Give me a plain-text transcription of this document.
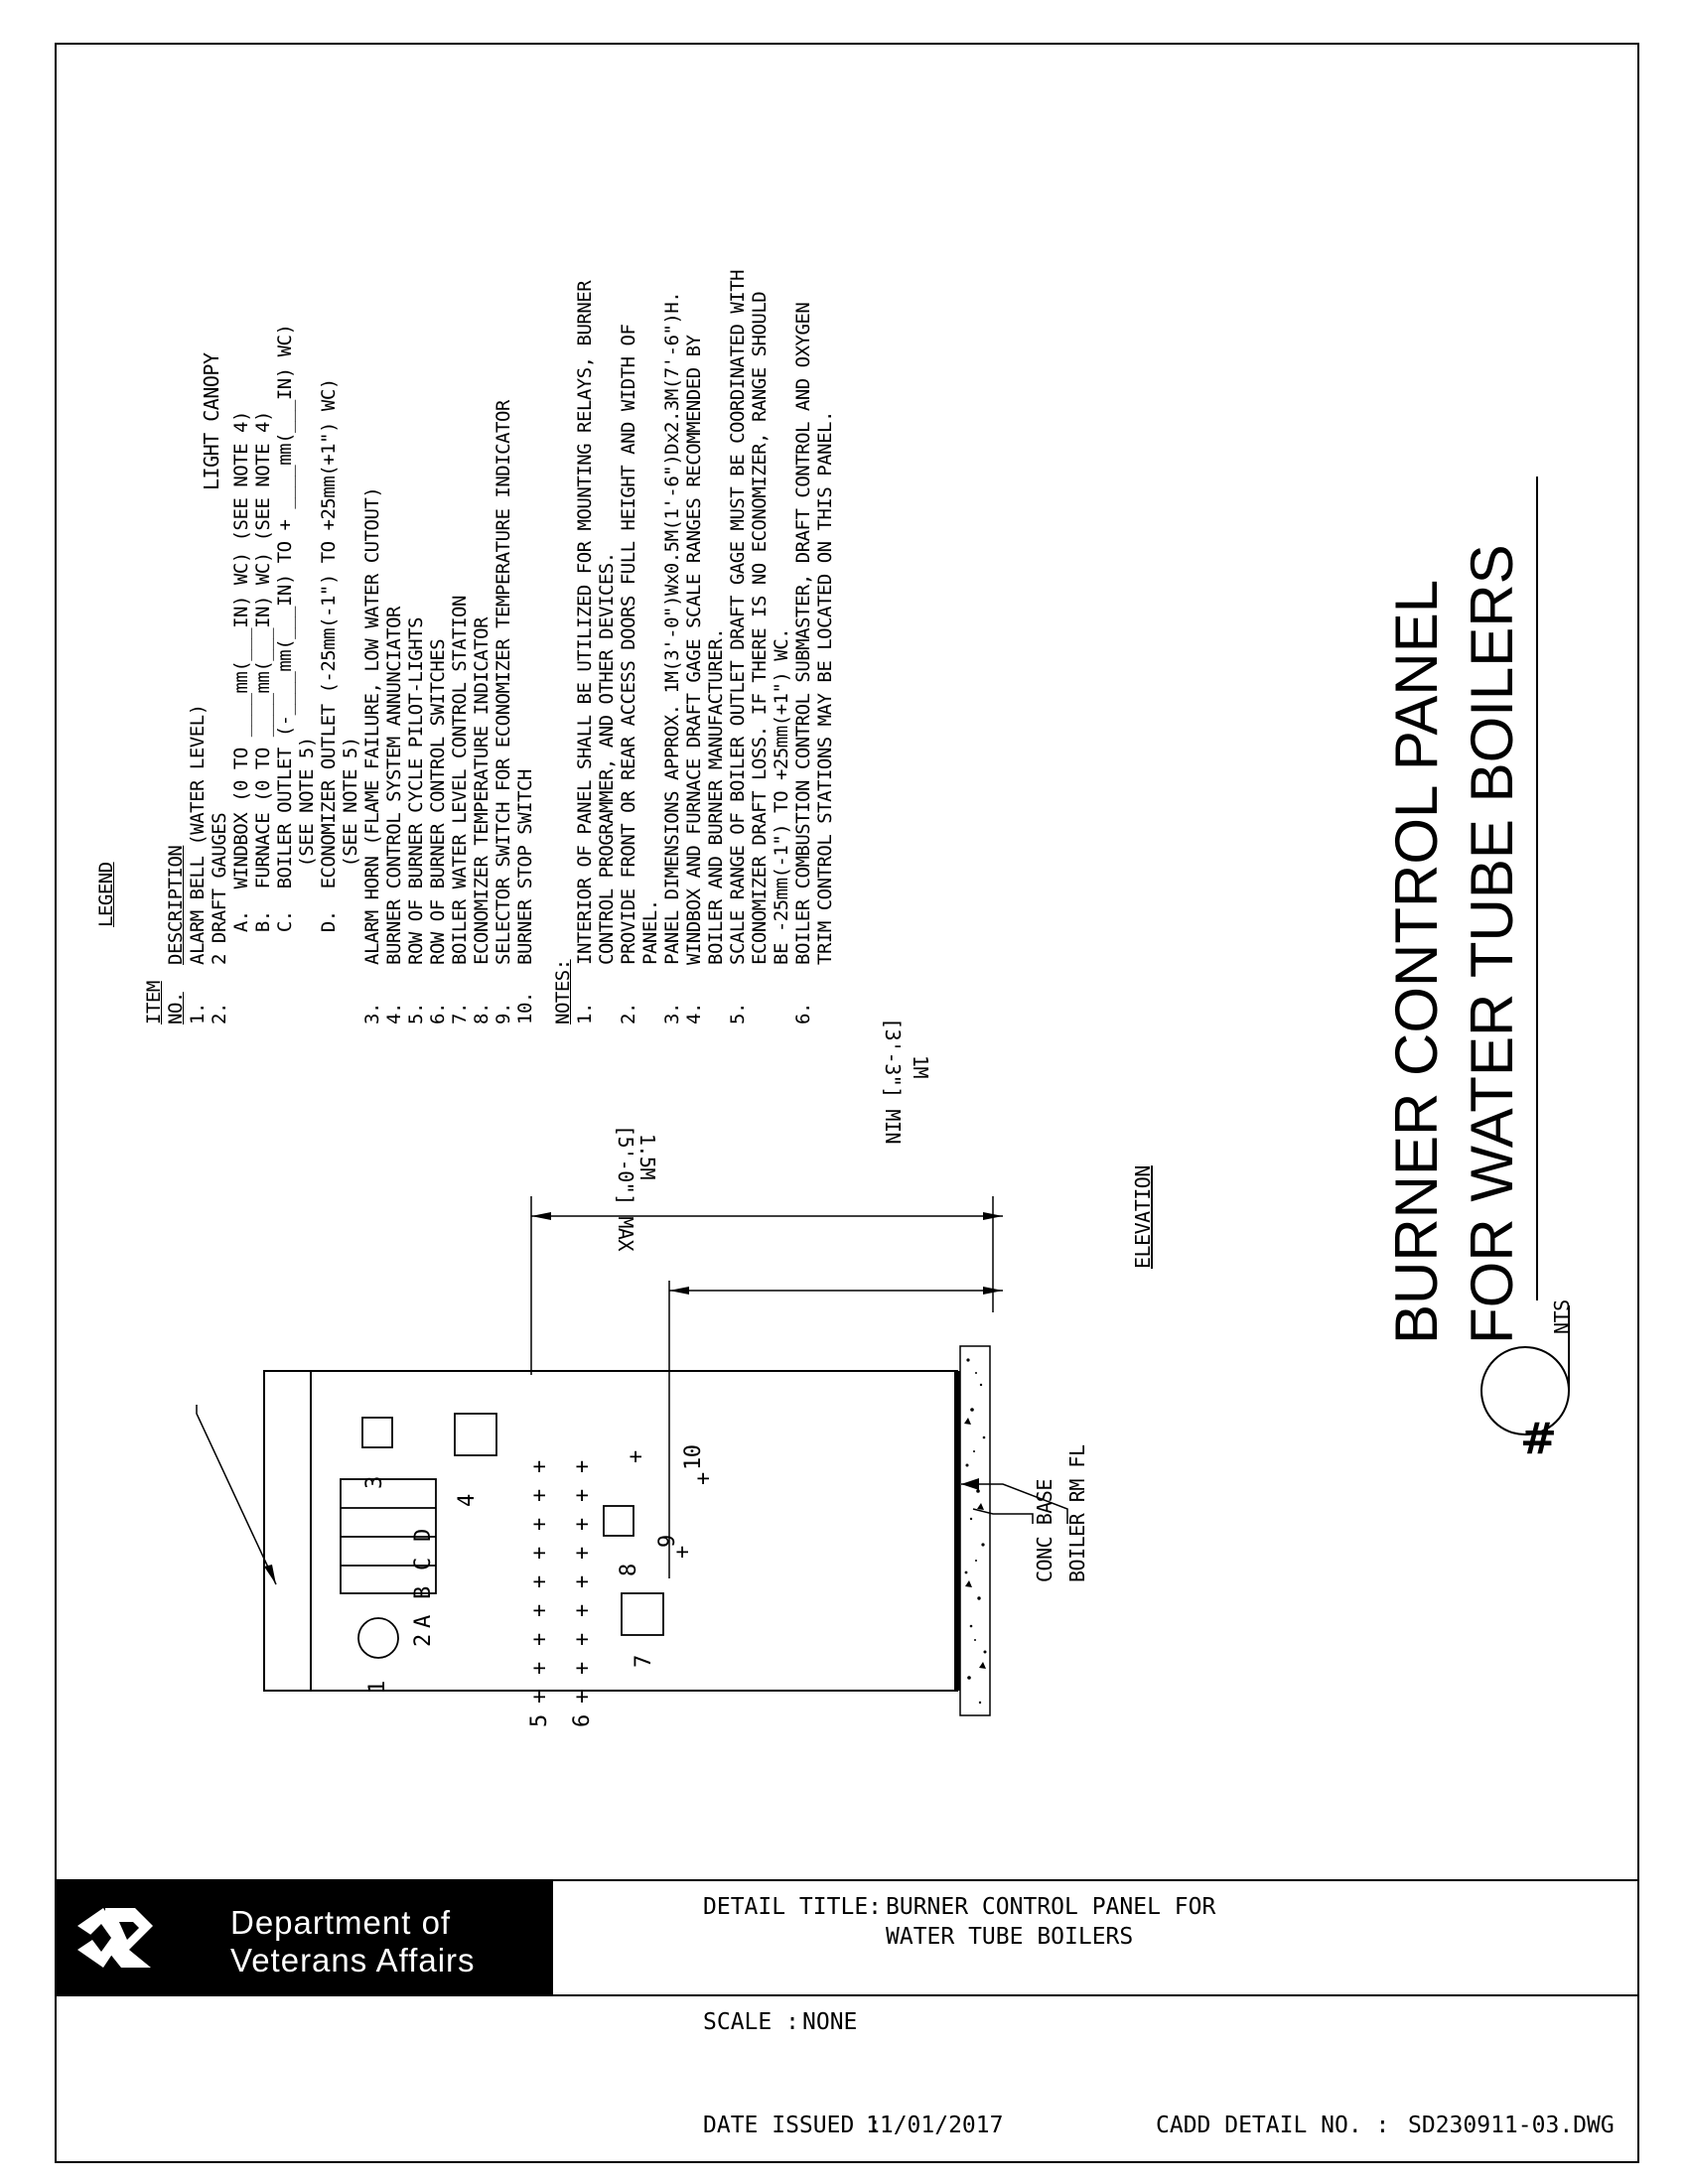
LEGEND
ITEM NO.
DESCRIPTION
1.
ALARM BELL (WATER LEVEL)
2.
2 DRAFT GAUGES A.  WINDBOX (0 TO ____mm(___IN) WC) (SEE NOTE 4) B.  FURNACE (0 TO ____mm(___IN) WC) (SEE NOTE 4) C.  BOILER OUTLET (-____mm(___IN) TO + ____mm(___IN) WC) (SEE NOTE 5) D.  ECONOMIZER OUTLET (-25mm(-1") TO +25mm(+1") WC) (SEE NOTE 5)
3.
ALARM HORN (FLAME FAILURE, LOW WATER CUTOUT)
4.
BURNER CONTROL SYSTEM ANNUNCIATOR
5.
ROW OF BURNER CYCLE PILOT-LIGHTS
6.
ROW OF BURNER CONTROL SWITCHES
7.
BOILER WATER LEVEL CONTROL STATION
8.
ECONOMIZER TEMPERATURE INDICATOR
9.
SELECTOR SWITCH FOR ECONOMIZER TEMPERATURE INDICATOR
10.
BURNER STOP SWITCH
NOTES: 1.
INTERIOR OF PANEL SHALL BE UTILIZED FOR MOUNTING RELAYS, BURNER CONTROL PROGRAMMER, AND OTHER DEVICES.
2.
PROVIDE FRONT OR REAR ACCESS DOORS FULL HEIGHT AND WIDTH OF PANEL.
3.
PANEL DIMENSIONS APPROX. 1M(3'-0")Wx0.5M(1'-6")Dx2.3M(7'-6")H.
4.
WINDBOX AND FURNACE DRAFT GAGE SCALE RANGES RECOMMENDED BY BOILER AND BURNER MANUFACTURER.
5.
SCALE RANGE OF BOILER OUTLET DRAFT GAGE MUST BE COORDINATED WITH ECONOMIZER DRAFT LOSS. IF THERE IS NO ECONOMIZER, RANGE SHOULD BE -25mm(-1") TO +25mm(+1") WC.
6.
BOILER COMBUSTION CONTROL SUBMASTER, DRAFT CONTROL AND OXYGEN TRIM CONTROL STATIONS MAY BE LOCATED ON THIS PANEL.	BURNER CONTROL PANEL FOR WATER TUBE BOILERS NTS
#
ELEVATION
LIGHT CANOPY
CONC BASE BOILER RM FL
[5'-0"] MAX
1.5M
[3'-3"] MIN 1M
1
2
3
4
5 6
7
8
9
10
A
B
C
D
+
+
+
+
+
+
+
+
+
+
+
+
+
+
+
+
+
+
+
+
+
Department of
Veterans Affairs
DETAIL TITLE: BURNER CONTROL PANEL FOR
WATER TUBE BOILERS
SCALE : NONE
DATE ISSUED :
11/01/2017	CADD DETAIL NO. : SD230911-03.DWG
